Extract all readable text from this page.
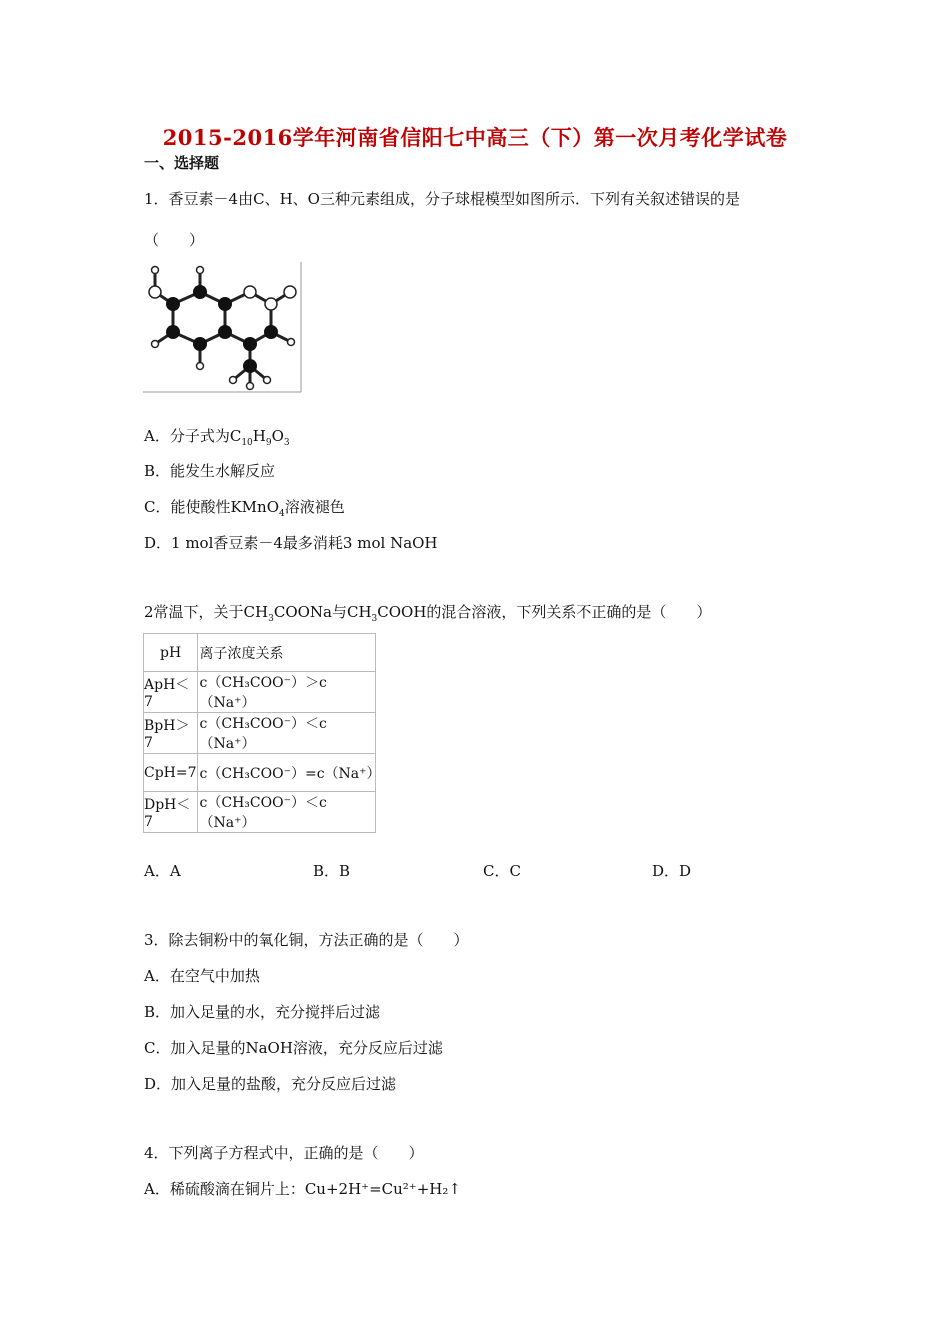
2015-2016学年河南省信阳七中高三（下）第一次月考化学试卷
一、选择题
1．香豆素－4由C、H、O三种元素组成，分子球棍模型如图所示．下列有关叙述错误的是
（　　）
A．分子式为$C_{10}H_9O_3$
B．能发生水解反应
C．能使酸性KMnO$_4$溶液褪色
D．1 mol香豆素－4最多消耗3 mol NaOH
2常温下，关于$CH_3COONa$与$CH_3COOH$的混合溶液，下列关系不正确的是（　　）
pH	离子浓度关系
ApH＜7	c（CH₃COO⁻）＞c（Na⁺）
BpH＞7	c（CH₃COO⁻）＜c（Na⁺）
CpH=7	c（CH₃COO⁻）=c（Na⁺）
DpH＜7	c（CH₃COO⁻）＜c（Na⁺）
A．A	B．B	C．C	D．D
3．除去铜粉中的氧化铜，方法正确的是（　　）
A．在空气中加热
B．加入足量的水，充分搅拌后过滤
C．加入足量的NaOH溶液，充分反应后过滤
D．加入足量的盐酸，充分反应后过滤
4．下列离子方程式中，正确的是（　　）
A．稀硫酸滴在铜片上：Cu+2H⁺=Cu²⁺+H₂↑
